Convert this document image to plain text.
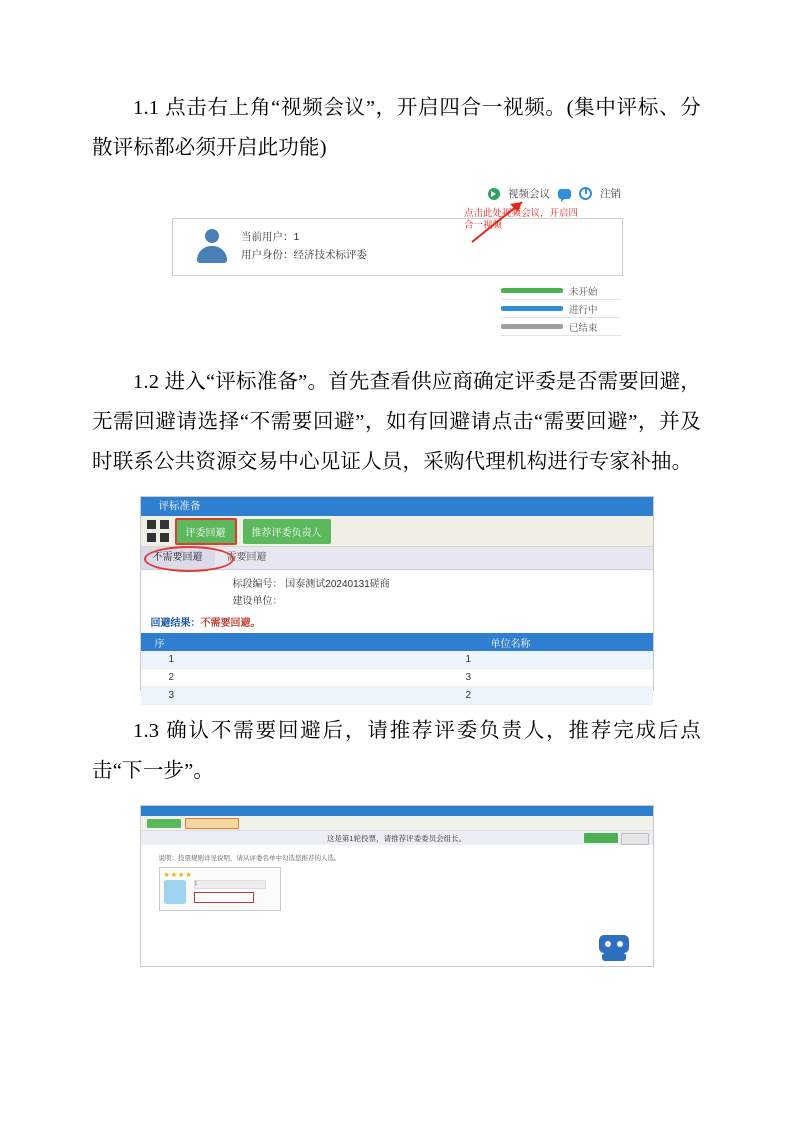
1.1 点击右上角“视频会议”，开启四合一视频。(集中评标、分散评标都必须开启此功能)

视频会议	注销
当前用户：1
用户身份：经济技术标评委
点击此处视频会议，开启四合一视频
未开始
进行中
已结束

1.2 进入“评标准备”。首先查看供应商确定评委是否需要回避，无需回避请选择“不需要回避”，如有回避请点击“需要回避”，并及时联系公共资源交易中心见证人员，采购代理机构进行专家补抽。

评标准备
评委回避	推荐评委负责人
不需要回避	需要回避
标段编号： 国泰测试20240131磋商
建设单位：
回避结果：不需要回避。
序	单位名称
1	1
2	3
3	2

1.3 确认不需要回避后，请推荐评委负责人，推荐完成后点击“下一步”。

这是第1轮投票，请推荐评委委员会组长。
说明：投票规则详见说明，请从评委名单中勾选您推荐的人选。
★★★★
1
